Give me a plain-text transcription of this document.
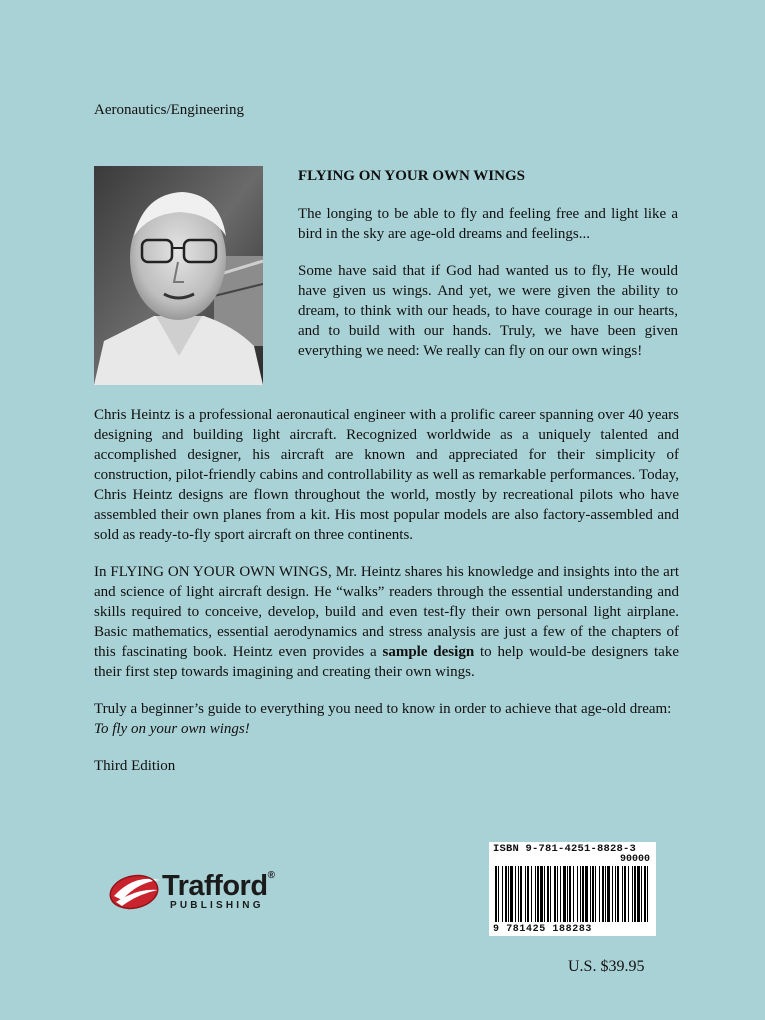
Aeronautics/Engineering
FLYING ON YOUR OWN WINGS

The longing to be able to fly and feeling free and light like a bird in the sky are age-old dreams and feelings...

Some have said that if God had wanted us to fly, He would have given us wings. And yet, we were given the ability to dream, to think with our heads, to have courage in our hearts, and to build with our hands. Truly, we have been given everything we need: We really can fly on our own wings!

Chris Heintz is a professional aeronautical engineer with a prolific career spanning over 40 years designing and building light aircraft. Recognized worldwide as a uniquely talented and accomplished designer, his aircraft are known and appreciated for their simplicity of construction, pilot-friendly cabins and controllability as well as remarkable performances. Today, Chris Heintz designs are flown throughout the world, mostly by recreational pilots who have assembled their own planes from a kit. His most popular models are also factory-assembled and sold as ready-to-fly sport aircraft on three continents.

In FLYING ON YOUR OWN WINGS, Mr. Heintz shares his knowledge and insights into the art and science of light aircraft design. He “walks” readers through the essential understanding and skills required to conceive, develop, build and even test-fly their own personal light airplane. Basic mathematics, essential aerodynamics and stress analysis are just a few of the chapters of this fascinating book. Heintz even provides a sample design to help would-be designers take their first step towards imagining and creating their own wings.

Truly a beginner’s guide to everything you need to know in order to achieve that age-old dream:
To fly on your own wings!

Third Edition

Trafford®
PUBLISHING
ISBN 9-781-4251-8828-3
90000
9 781425 188283
U.S. $39.95
